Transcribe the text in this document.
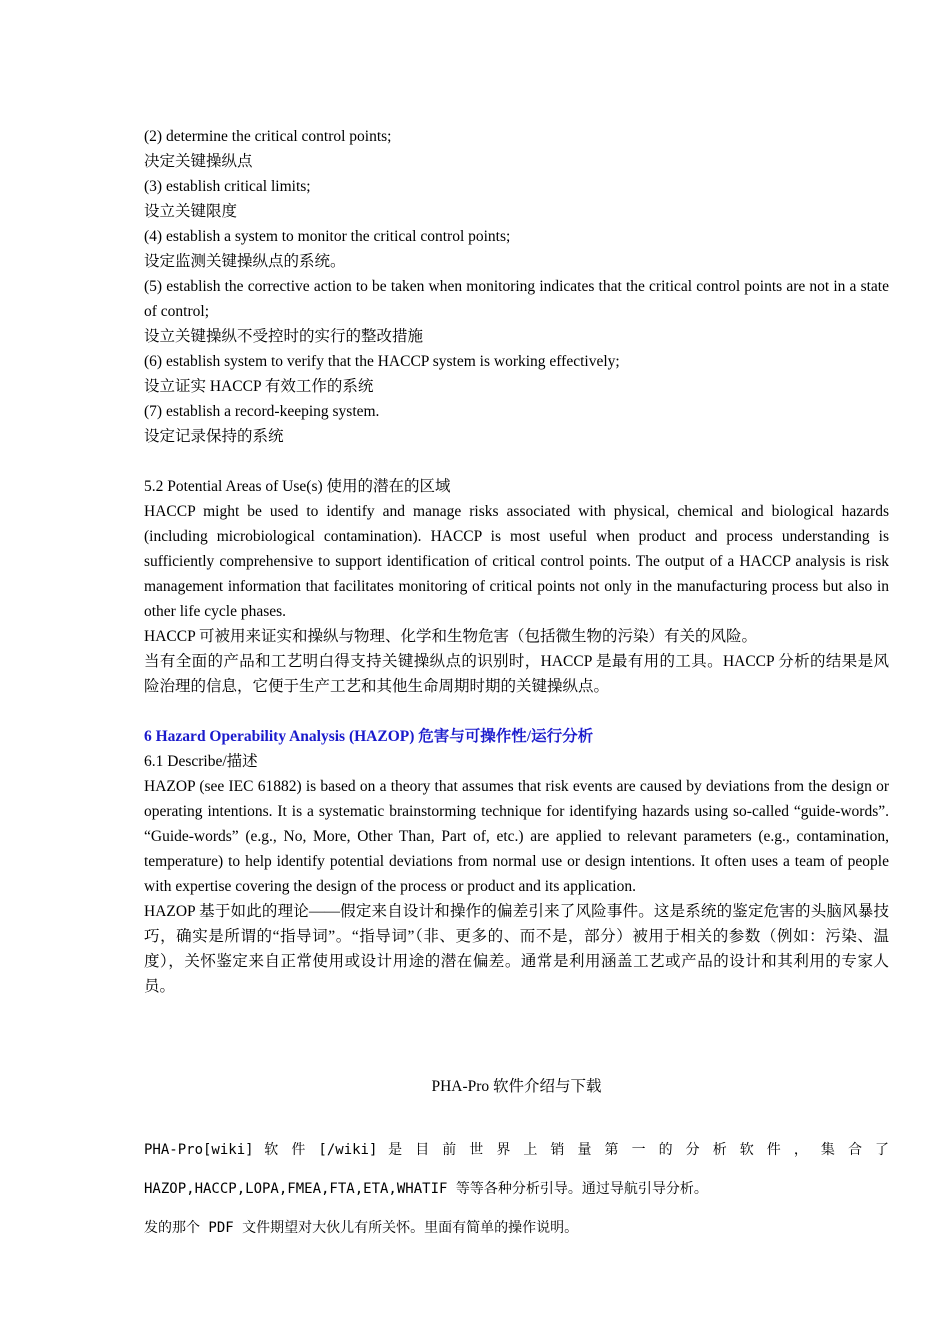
(2) determine the critical control points;

决定关键操纵点

(3) establish critical limits;

设立关键限度

(4) establish a system to monitor the critical control points;

设定监测关键操纵点的系统。

(5) establish the corrective action to be taken when monitoring indicates that the critical control points are not in a state of control;

设立关键操纵不受控时的实行的整改措施

(6) establish system to verify that the HACCP system is working effectively;

设立证实 HACCP 有效工作的系统

(7) establish a record-keeping system.

设定记录保持的系统

5.2 Potential Areas of Use(s) 使用的潜在的区域

HACCP might be used to identify and manage risks associated with physical, chemical and biological hazards (including microbiological contamination). HACCP is most useful when product and process understanding is sufficiently comprehensive to support identification of critical control points. The output of a HACCP analysis is risk management information that facilitates monitoring of critical points not only in the manufacturing process but also in other life cycle phases.

HACCP 可被用来证实和操纵与物理、化学和生物危害（包括微生物的污染）有关的风险。

当有全面的产品和工艺明白得支持关键操纵点的识别时，HACCP 是最有用的工具。HACCP 分析的结果是风险治理的信息，它便于生产工艺和其他生命周期时期的关键操纵点。

6 Hazard Operability Analysis (HAZOP) 危害与可操作性/运行分析

6.1 Describe/描述

HAZOP (see IEC 61882) is based on a theory that assumes that risk events are caused by deviations from the design or operating intentions. It is a systematic brainstorming technique for identifying hazards using so-called “guide-words”. “Guide-words” (e.g., No, More, Other Than, Part of, etc.) are applied to relevant parameters (e.g., contamination, temperature) to help identify potential deviations from normal use or design intentions. It often uses a team of people with expertise covering the design of the process or product and its application.

HAZOP 基于如此的理论——假定来自设计和操作的偏差引来了风险事件。这是系统的鉴定危害的头脑风暴技巧，确实是所谓的“指导词”。“指导词”（非、更多的、而不是，部分）被用于相关的参数（例如：污染、温度），关怀鉴定来自正常使用或设计用途的潜在偏差。通常是利用涵盖工艺或产品的设计和其利用的专家人员。

PHA-Pro 软件介绍与下载

PHA-Pro[wiki] 软 件 [/wiki] 是 目 前 世 界 上 销 量 第 一 的 分 析 软 件 ， 集 合 了

HAZOP,HACCP,LOPA,FMEA,FTA,ETA,WHATIF 等等各种分析引导。通过导航引导分析。

发的那个 PDF 文件期望对大伙儿有所关怀。里面有简单的操作说明。
